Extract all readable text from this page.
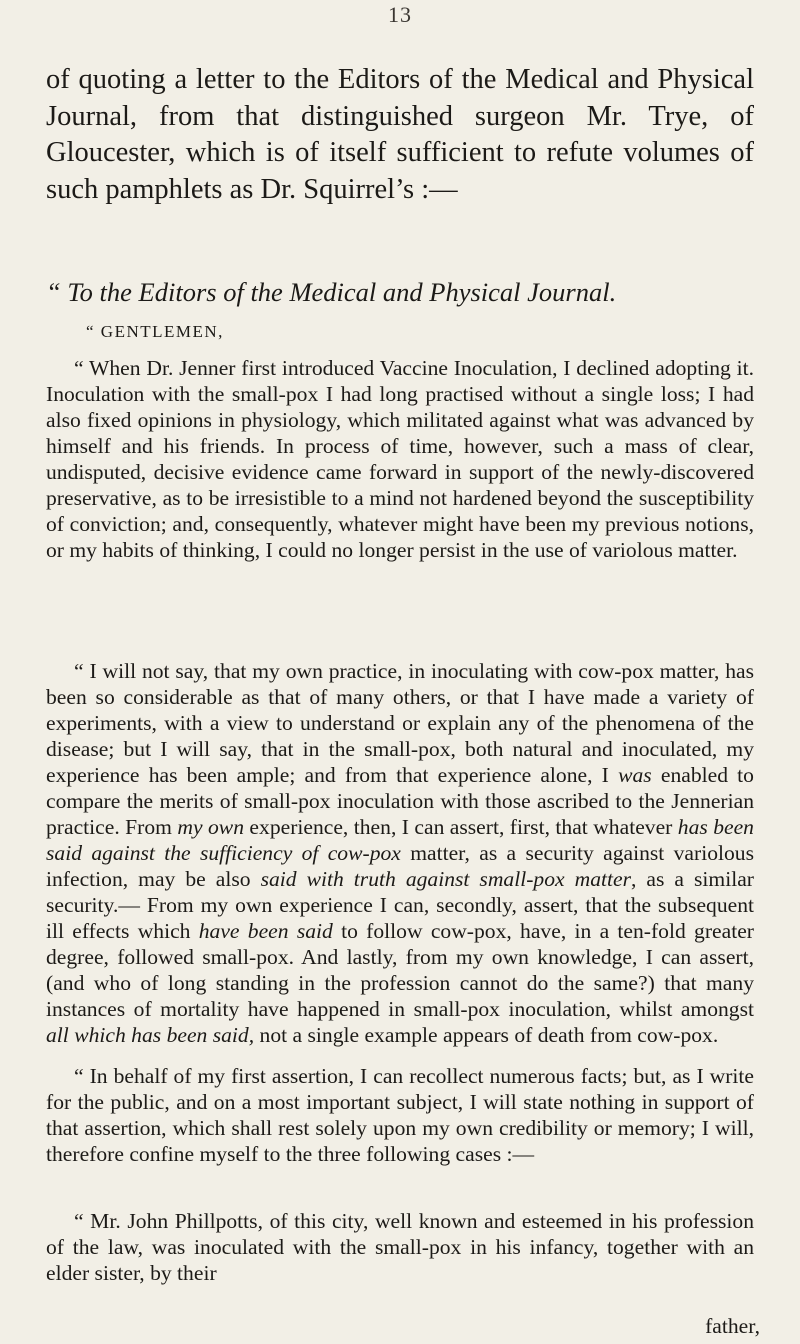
13

of quoting a letter to the Editors of the Medical and Physical Journal, from that distinguished surgeon Mr. Trye, of Gloucester, which is of itself sufficient to refute volumes of such pamphlets as Dr. Squirrel’s :—

“ To the Editors of the Medical and Physical Journal.

“ GENTLEMEN,

“ When Dr. Jenner first introduced Vaccine Inoculation, I declined adopting it. Inoculation with the small-pox I had long practised without a single loss; I had also fixed opinions in physiology, which militated against what was advanced by himself and his friends. In process of time, however, such a mass of clear, undisputed, decisive evidence came forward in support of the newly-discovered preservative, as to be irresistible to a mind not hardened beyond the susceptibility of conviction; and, consequently, whatever might have been my previous notions, or my habits of thinking, I could no longer persist in the use of variolous matter.

“ I will not say, that my own practice, in inoculating with cow-pox matter, has been so considerable as that of many others, or that I have made a variety of experiments, with a view to understand or explain any of the phenomena of the disease; but I will say, that in the small-pox, both natural and inoculated, my experience has been ample; and from that experience alone, I was enabled to compare the merits of small-pox inoculation with those ascribed to the Jennerian practice. From my own experience, then, I can assert, first, that whatever has been said against the sufficiency of cow-pox matter, as a security against variolous infection, may be also said with truth against small-pox matter, as a similar security.— From my own experience I can, secondly, assert, that the subsequent ill effects which have been said to follow cow-pox, have, in a ten-fold greater degree, followed small-pox. And lastly, from my own knowledge, I can assert, (and who of long standing in the profession cannot do the same?) that many instances of mortality have happened in small-pox inoculation, whilst amongst all which has been said, not a single example appears of death from cow-pox.

“ In behalf of my first assertion, I can recollect numerous facts; but, as I write for the public, and on a most important subject, I will state nothing in support of that assertion, which shall rest solely upon my own credibility or memory; I will, therefore confine myself to the three following cases :—

“ Mr. John Phillpotts, of this city, well known and esteemed in his profession of the law, was inoculated with the small-pox in his infancy, together with an elder sister, by their

father,
